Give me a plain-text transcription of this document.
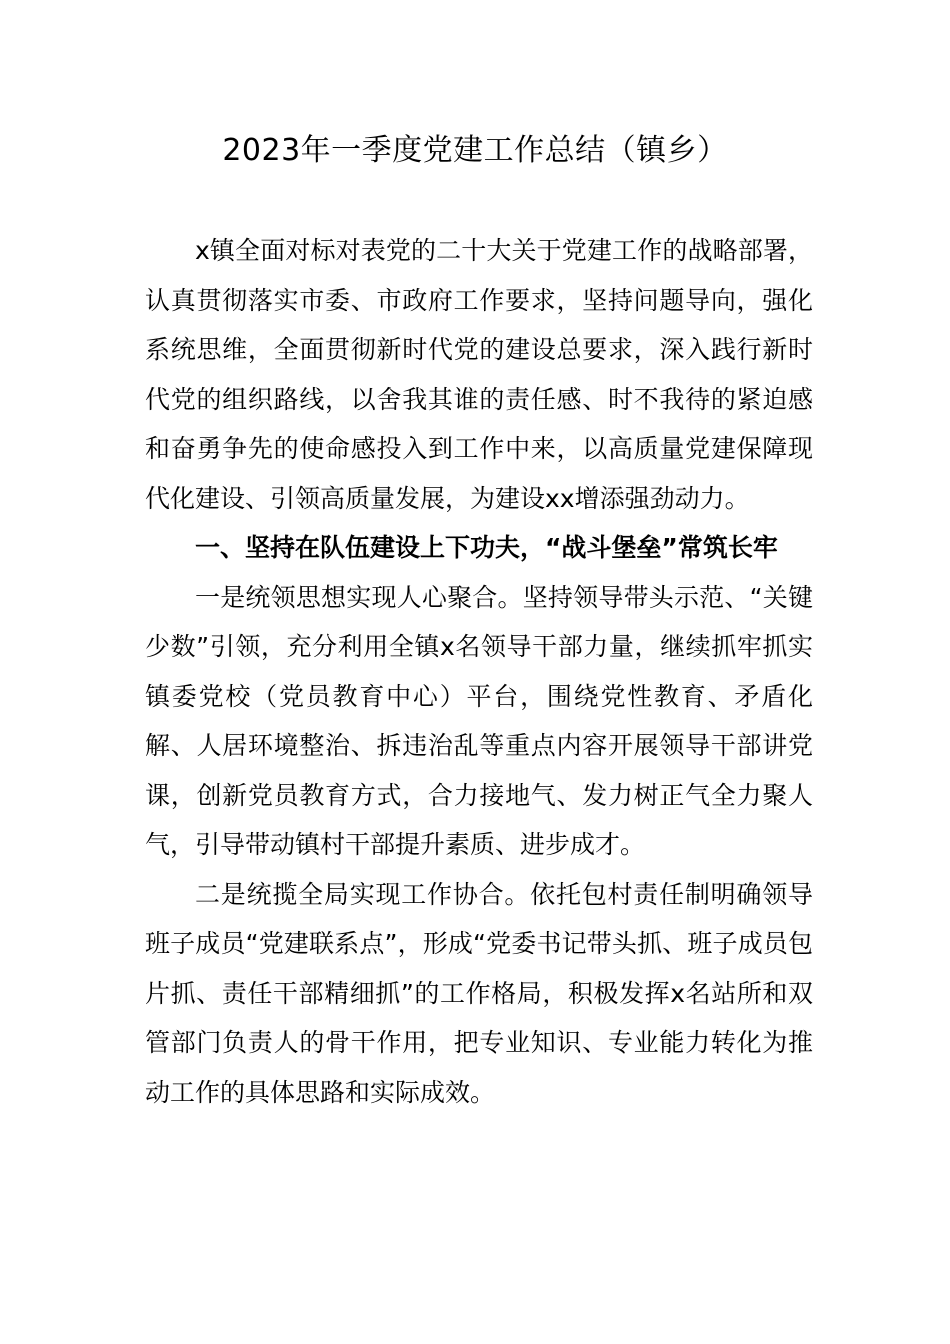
2023年一季度党建工作总结（镇乡）

x镇全面对标对表党的二十大关于党建工作的战略部署，认真贯彻落实市委、市政府工作要求，坚持问题导向，强化系统思维，全面贯彻新时代党的建设总要求，深入践行新时代党的组织路线，以舍我其谁的责任感、时不我待的紧迫感和奋勇争先的使命感投入到工作中来，以高质量党建保障现代化建设、引领高质量发展，为建设xx增添强劲动力。

一、坚持在队伍建设上下功夫，“战斗堡垒”常筑长牢

一是统领思想实现人心聚合。坚持领导带头示范、“关键少数”引领，充分利用全镇x名领导干部力量，继续抓牢抓实镇委党校（党员教育中心）平台，围绕党性教育、矛盾化解、人居环境整治、拆违治乱等重点内容开展领导干部讲党课，创新党员教育方式，合力接地气、发力树正气全力聚人气，引导带动镇村干部提升素质、进步成才。

二是统揽全局实现工作协合。依托包村责任制明确领导班子成员“党建联系点”，形成“党委书记带头抓、班子成员包片抓、责任干部精细抓”的工作格局，积极发挥x名站所和双管部门负责人的骨干作用，把专业知识、专业能力转化为推动工作的具体思路和实际成效。
